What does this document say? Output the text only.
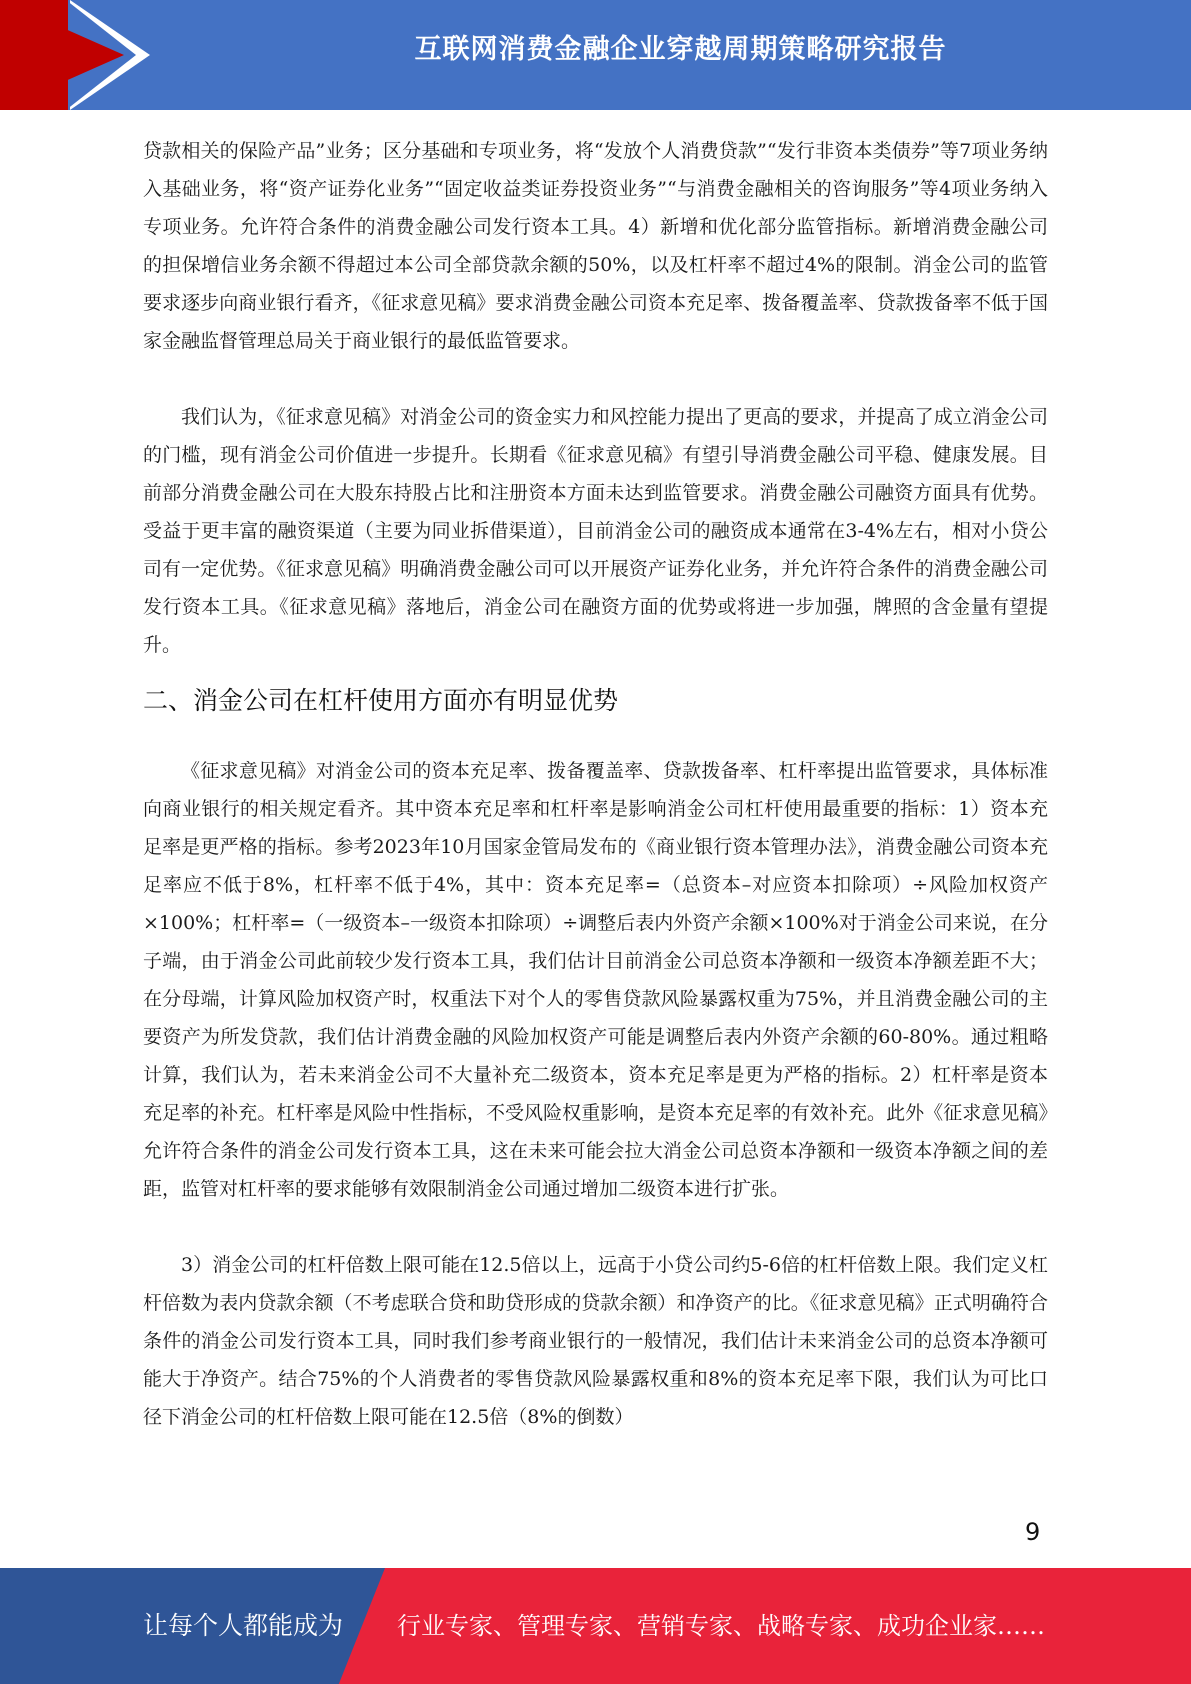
互联网消费金融企业穿越周期策略研究报告

贷款相关的保险产品”业务；区分基础和专项业务，将“发放个人消费贷款”“发行非资本类债券”等7项业务纳入基础业务，将“资产证券化业务”“固定收益类证券投资业务”“与消费金融相关的咨询服务”等4项业务纳入专项业务。允许符合条件的消费金融公司发行资本工具。4）新增和优化部分监管指标。新增消费金融公司的担保增信业务余额不得超过本公司全部贷款余额的50%，以及杠杆率不超过4%的限制。消金公司的监管要求逐步向商业银行看齐，《征求意见稿》要求消费金融公司资本充足率、拨备覆盖率、贷款拨备率不低于国家金融监督管理总局关于商业银行的最低监管要求。

我们认为，《征求意见稿》对消金公司的资金实力和风控能力提出了更高的要求，并提高了成立消金公司的门槛，现有消金公司价值进一步提升。长期看《征求意见稿》有望引导消费金融公司平稳、健康发展。目前部分消费金融公司在大股东持股占比和注册资本方面未达到监管要求。消费金融公司融资方面具有优势。受益于更丰富的融资渠道（主要为同业拆借渠道），目前消金公司的融资成本通常在3-4%左右，相对小贷公司有一定优势。《征求意见稿》明确消费金融公司可以开展资产证券化业务，并允许符合条件的消费金融公司发行资本工具。《征求意见稿》落地后，消金公司在融资方面的优势或将进一步加强，牌照的含金量有望提升。

二、消金公司在杠杆使用方面亦有明显优势

《征求意见稿》对消金公司的资本充足率、拨备覆盖率、贷款拨备率、杠杆率提出监管要求，具体标准向商业银行的相关规定看齐。其中资本充足率和杠杆率是影响消金公司杠杆使用最重要的指标：1）资本充足率是更严格的指标。参考2023年10月国家金管局发布的《商业银行资本管理办法》，消费金融公司资本充足率应不低于8%，杠杆率不低于4%，其中：资本充足率=（总资本–对应资本扣除项）÷风险加权资产×100%；杠杆率=（一级资本–一级资本扣除项）÷调整后表内外资产余额×100%对于消金公司来说，在分子端，由于消金公司此前较少发行资本工具，我们估计目前消金公司总资本净额和一级资本净额差距不大；在分母端，计算风险加权资产时，权重法下对个人的零售贷款风险暴露权重为75%，并且消费金融公司的主要资产为所发贷款，我们估计消费金融的风险加权资产可能是调整后表内外资产余额的60-80%。通过粗略计算，我们认为，若未来消金公司不大量补充二级资本，资本充足率是更为严格的指标。2）杠杆率是资本充足率的补充。杠杆率是风险中性指标，不受风险权重影响，是资本充足率的有效补充。此外《征求意见稿》允许符合条件的消金公司发行资本工具，这在未来可能会拉大消金公司总资本净额和一级资本净额之间的差距，监管对杠杆率的要求能够有效限制消金公司通过增加二级资本进行扩张。

3）消金公司的杠杆倍数上限可能在12.5倍以上，远高于小贷公司约5-6倍的杠杆倍数上限。我们定义杠杆倍数为表内贷款余额（不考虑联合贷和助贷形成的贷款余额）和净资产的比。《征求意见稿》正式明确符合条件的消金公司发行资本工具，同时我们参考商业银行的一般情况，我们估计未来消金公司的总资本净额可能大于净资产。结合75%的个人消费者的零售贷款风险暴露权重和8%的资本充足率下限，我们认为可比口径下消金公司的杠杆倍数上限可能在12.5倍（8%的倒数）

9
让每个人都能成为 行业专家、管理专家、营销专家、战略专家、成功企业家……
